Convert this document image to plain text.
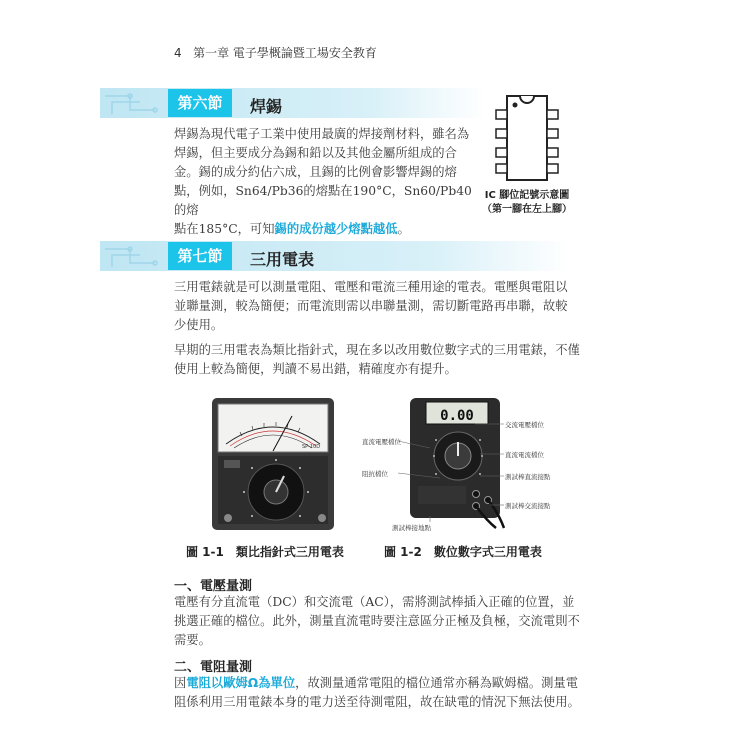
4 第一章 電子學概論暨工場安全教育
第六節	焊錫
焊錫為現代電子工業中使用最廣的焊接劑材料，雖名為
焊錫，但主要成分為錫和鉛以及其他金屬所組成的合
金。錫的成分約佔六成，且錫的比例會影響焊錫的熔
點，例如，Sn64/Pb36的熔點在190°C，Sn60/Pb40的熔
點在185°C，可知錫的成份越少熔點越低。
IC 腳位記號示意圖
（第一腳在左上腳）
第七節	三用電表
三用電錶就是可以測量電阻、電壓和電流三種用途的電表。電壓與電阻以
並聯量測，較為簡便；而電流則需以串聯量測，需切斷電路再串聯，故較
少使用。
早期的三用電表為類比指針式，現在多以改用數位數字式的三用電錶，不僅
使用上較為簡便，判讀不易出錯，精確度亦有提升。
SP-10D
0.00
交流電壓檔位
直流電壓檔位
直流電流檔位
阻抗檔位	測試棒直流接點
測試棒交流接點
測試棒接地點
圖 1-1　類比指針式三用電表	圖 1-2　數位數字式三用電表
一、電壓量測
電壓有分直流電（DC）和交流電（AC），需將測試棒插入正確的位置，並
挑選正確的檔位。此外，測量直流電時要注意區分正極及負極，交流電則不
需要。
二、電阻量測
因電阻以歐姆Ω為單位，故測量通常電阻的檔位通常亦稱為歐姆檔。測量電
阻係利用三用電錶本身的電力送至待測電阻，故在缺電的情況下無法使用。
